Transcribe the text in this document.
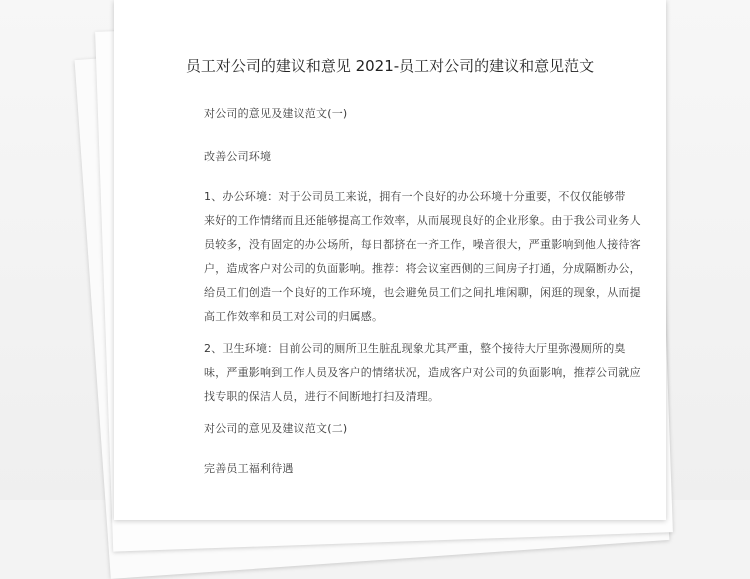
员工对公司的建议和意见 2021-员工对公司的建议和意见范文
对公司的意见及建议范文(一)
改善公司环境
1、办公环境：对于公司员工来说，拥有一个良好的办公环境十分重要，不仅仅能够带
来好的工作情绪而且还能够提高工作效率，从而展现良好的企业形象。由于我公司业务人
员较多，没有固定的办公场所，每日都挤在一齐工作，噪音很大，严重影响到他人接待客
户，造成客户对公司的负面影响。推荐：将会议室西侧的三间房子打通，分成隔断办公，
给员工们创造一个良好的工作环境，也会避免员工们之间扎堆闲聊，闲逛的现象，从而提
高工作效率和员工对公司的归属感。
2、卫生环境：目前公司的厕所卫生脏乱现象尤其严重，整个接待大厅里弥漫厕所的臭
味，严重影响到工作人员及客户的情绪状况，造成客户对公司的负面影响，推荐公司就应
找专职的保洁人员，进行不间断地打扫及清理。
对公司的意见及建议范文(二)
完善员工福利待遇
